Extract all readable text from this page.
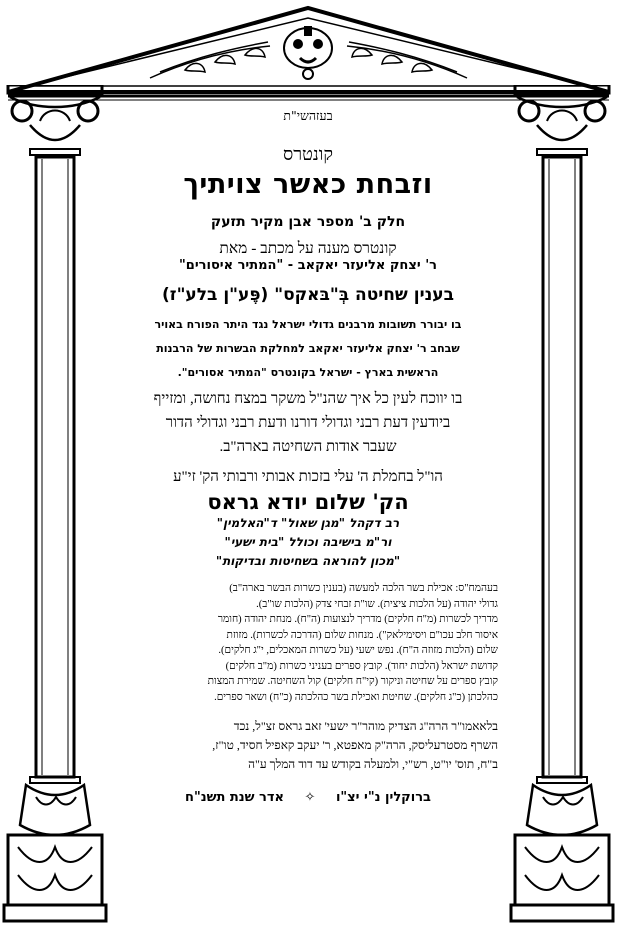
בעזהשי"ת
קונטרס
וזבחת כאשר צויתיך
חלק ב' מספר אבן מקיר תזעק
קונטרס מענה על מכתב - מאת
ר' יצחק אליעזר יאקאב - "המתיר איסורים"
בענין שחיטה בְּ"בּאקס" (פֶּע"ן בלע"ז)
בו יבורר תשובות מרבנים גדולי ישראל נגד היתר הפורח באויר
שבחב ר' יצחק אליעזר יאקאב למחלקת הבשרות של הרבנות
הראשית בארץ - ישראל בקונטרס "המתיר אסורים".
בו יווכח לעין כל איך שהנ"ל משקר במצח נחושה, ומזייף
ביודעין דעת רבני וגדולי דורנו ודעת רבני וגדולי הדור
שעבר אודות השחיטה בארה"ב.
הו"ל בחמלת ה' עלי בזכות אבותי ורבותי הק' זי"ע
הק' שלום יודא גראס
רב דקהל "מגן שאול" ד"האלמין"
ור"מ בישיבה וכולל "בית ישעי"
"מכון להוראה בשחיטות ובדיקות"
בעהמח"ס: אכילת בשר הלכה למעשה (בענין כשרות הבשר בארה"ב)
גדולי יהודה (על הלכות ציצית). שו"ת זבחי צדק (הלכות שו"ב).
מדריך לכשרות (מ"ח חלקים) מדריך לנצועות (ה"ח). מנחת יהודה (חומר
איסור חלב עכו"ם ויסימילאק"). מנחות שלום (הדרכה לכשרות). מזוזת
שלום (הלכות מזוזה ה"ח). נפש ישעי (על כשרות המאכלים, י"ג חלקים).
קדושת ישראל (הלכות יחוד). קובץ ספרים בעניני כשרות (מ"ב חלקים)
קובץ ספרים על שחיטה וניקור (קי"ח חלקים) קול השחיטה. שמירת המצות
כהלכתן (כ"ג חלקים). שחיטת ואכילת בשר כהלכתה (כ"ח) ושאר ספרים.
בלאאמו"ר הרה"ג הצדיק מוהר"ר ישעי' זאב גראס זצ"ל, נכד
השרף מסטרעליסק, הרה"ק מאפטא, ר' יעקב קאפיל חסיד, טו"ז,
ב"ח, תוס' יו"ט, רש"י, ולמעלה בקודש עד דוד המלך ע"ה
ברוקלין נ"י יצ"ו ✧ אדר שנת תשנ"ח
